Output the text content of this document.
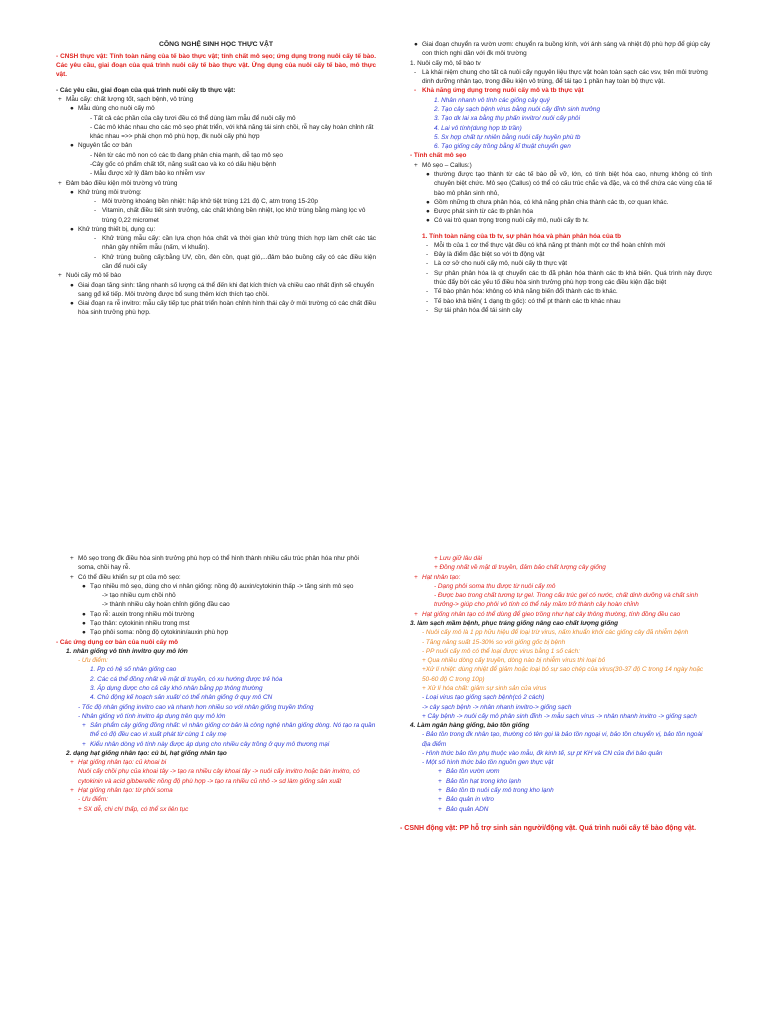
CÔNG NGHỆ SINH HỌC THỰC VẬT
- CNSH thực vật: Tính toàn năng của tế bào thực vật; tính chất mô sẹo; ứng dụng trong nuôi cấy tế bào. Các yêu cầu, giai đoạn của quá trình nuôi cấy tế bào thực vật. Ứng dụng của nuôi cấy tế bào, mô thực vật.
- Các yêu cầu, giai đoạn của quá trình nuôi cấy tb thực vật:
+ Mẫu cấy: chất lượng tốt, sạch bệnh, vô trùng
● Mẫu dùng cho nuôi cấy mô
- Tất cả các phần của cây tươi đều có thể dùng làm mẫu để nuôi cấy mô
- Các mô khác nhau cho các mô sẹo phát triển, với khả năng tái sinh chồi, rễ hay cây hoàn chỉnh rất khác nhau =>> phải chọn mô phù hợp, đk nuôi cấy phù hợp
● Nguyên tắc cơ bản
- Nên từ các mô non có các tb đang phân chia mạnh, dễ tạo mô sẹo
-Cây gốc có phẩm chất tốt, năng suất cao và ko có dấu hiệu bệnh
- Mẫu được xử lý đảm bảo ko nhiễm vsv
+ Đảm bảo điều kiện môi trường vô trùng
● Khử trùng môi trường:
- Môi trường khoáng bền nhiệt: hấp khử tiệt trùng 121 độ C, atm trong 15-20p
- Vitamin, chất điều tiết sinh trưởng, các chất không bền nhiệt, lọc khử trùng bằng màng lọc vô trùng 0,22 micromet
● Khử trùng thiết bị, dụng cụ:
- Khử trùng mẫu cấy: cần lựa chọn hóa chất và thời gian khử trùng thích hợp làm chết các tác nhân gây nhiễm mẫu (nấm, vi khuẩn).
- Khử trùng buồng cấy:bằng UV, cồn, đèn cồn, quạt gió,...đảm bảo buồng cấy có các điều kiện cần để nuôi cấy
+ Nuôi cấy mô tế bào
● Giai đoạn tăng sinh: tăng nhanh số lượng cá thể đến khi đạt kích thích và chiều cao nhất định sẽ chuyển sang gđ kế tiếp. Môi trường được bổ sung thêm kích thích tạo chồi.
● Giai đoạn ra rễ invitro: mẫu cấy tiếp tục phát triển hoàn chỉnh hình thái cây ở môi trường có các chất điều hòa sinh trưởng phù hợp.
● Giai đoạn chuyển ra vườn ươm: chuyển ra buồng kính, với ánh sáng và nhiệt độ phù hợp để giúp cây con thích nghi dần với đk môi trường
1. Nuôi cấy mô, tế bào tv
- Là khái niệm chung cho tất cả nuôi cấy nguyên liệu thực vật hoàn toàn sạch các vsv, trên môi trường dinh dưỡng nhân tạo, trong điều kiện vô trùng, để tái tạo 1 phần hay toàn bộ thực vật.
- Khả năng ứng dụng trong nuôi cấy mô và tb thực vật
1. Nhân nhanh vô tính các giống cây quý
2. Tạo cây sạch bệnh virus bằng nuôi cấy đỉnh sinh trưởng
3. Tạo dk lai xa bằng thụ phấn invitro/ nuôi cấy phôi
4. Lai vô tính(dung hợp tb trần)
5. Sx hợp chất tự nhiên bằng nuôi cấy huyền phù tb
6. Tạo giống cây trồng bằng kĩ thuật chuyển gen
- Tính chất mô sẹo
+ Mô sẹo – Callus:)
● thường được tạo thành từ các tế bào dễ vỡ, lớn, có tính biệt hóa cao, nhưng không có tính chuyên biệt chức. Mô sẹo (Callus) có thể có cấu trúc chắc và đặc, và có thể chứa các vùng của tế bào mô phân sinh nhỏ,
● Gồm những tb chưa phân hóa, có khả năng phân chia thành các tb, cơ quan khác.
● Được phát sinh từ các tb phân hóa
● Có vai trò quan trọng trong nuôi cấy mô, nuôi cấy tb tv.
1. Tính toàn năng của tb tv, sự phân hóa và phản phân hóa của tb
- Mỗi tb của 1 cơ thể thực vật đều có khả năng pt thành một cơ thể hoàn chỉnh mới
- Đây là điểm đặc biệt so với tb động vật
- Là cơ sở cho nuôi cấy mô, nuôi cấy tb thực vật
- Sự phân phân hóa là qt chuyển các tb đã phân hóa thành các tb khả biến. Quá trình này được thúc đẩy bởi các yếu tố điều hòa sinh trưởng phù hợp trong các điều kiện đặc biệt
- Tế bào phân hóa: không có khả năng biến đổi thành các tb khác.
- Tế bào khả biến( 1 dạng tb gốc): có thể pt thành các tb khác nhau
- Sự tái phân hóa để tái sinh cây
+ Mô sẹo trong đk điều hòa sinh trưởng phù hợp có thể hình thành nhiều cấu trúc phân hóa như phôi soma, chồi hay rễ.
+ Có thể điều khiển sự pt của mô sẹo:
● Tạo nhiều mô sẹo, dùng cho vi nhân giống: nồng độ auxin/cytokinin thấp -> tăng sinh mô sẹo
-> tạo nhiều cụm chồi nhỏ
-> thành nhiều cây hoàn chỉnh giống đầu cao
● Tạo rễ: auxin trong nhiều môi trường
● Tạo thân: cytokinin nhiều trong mst
● Tạo phôi soma: nồng độ cytokinin/auxin phù hợp
- Các ứng dụng cơ bản của nuôi cấy mô
1. nhân giống vô tính invitro quy mô lớn
- Ưu điểm:
1. Pp có hệ số nhân giống cao
2. Các cá thể đồng nhất về mặt di truyền, có xu hướng được trẻ hóa
3. Áp dụng được cho cả cây khó nhân bằng pp thông thường
4. Chủ động kế hoạch sản xuất/ có thể nhân giống ở quy mô CN
- Tốc độ nhân giống invitro cao và nhanh hơn nhiều so với nhân giống truyền thống
- Nhân giống vô tính invitro áp dụng trên quy mô lớn
+ Sản phẩm cây giống đồng nhất: vì nhân giống cơ bản là công nghệ nhân giống dòng. Nó tạo ra quần thể có độ đều cao vì xuất phát từ cùng 1 cây mẹ
+ Kiểu nhân dòng vô tính này được áp dụng cho nhiều cây trồng ở quy mô thương mại
2. dạng hạt giống nhân tạo: củ bi, hạt giống nhân tạo
+ Hạt giống nhân tạo: củ khoai bi
Nuôi cấy chồi phụ của khoai tây -> tạo ra nhiều cây khoai tây -> nuôi cấy invitro hoặc bán invitro, có cytokinin và acid gibberellic nồng độ phù hợp -> tạo ra nhiều củ nhỏ -> sd làm giống sản xuất
+ Hạt giống nhân tạo: từ phôi soma
- Ưu điểm:
+ SX dễ, chi chí thấp, có thể sx liên tục
+ Lưu giữ lâu dài
+ Đồng nhất về mặt di truyền, đảm bảo chất lượng cây giống
+ Hạt nhân tạo:
- Dạng phôi soma thu được từ nuôi cấy mô
- Được bao trong chất tương tự gel. Trong cấu trúc gel có nước, chất dinh dưỡng và chất sinh trưởng-> giúp cho phôi vô tính có thể nảy mầm trở thành cây hoàn chỉnh
+ Hạt giống nhân tạo có thể dùng để gieo trồng như hạt cây thông thường, tính đồng đều cao
3. làm sạch mầm bệnh, phục tráng giống nâng cao chất lượng giống
- Nuôi cấy mô là 1 pp hữu hiệu để loại trừ virus, nấm khuẩn khỏi các giống cây đã nhiễm bệnh
- Tăng năng suất 15-30% so với giống gốc bị bệnh
- PP nuôi cấy mô có thể loại được virus bằng 1 số cách:
+ Qua nhiều dòng cấy truyền, dòng nào bị nhiễm virus thì loại bỏ
+Xử lí nhiệt: dùng nhiệt để giảm hoặc loại bỏ sự sao chép của virus(30-37 độ C trong 14 ngày hoặc 50-60 độ C trong 10p)
+ Xử lí hóa chất: giảm sự sinh sản của virus
- Loại virus tạo giống sạch bệnh(có 2 cách)
-> cây sạch bệnh -> nhân nhanh invitro-> giống sạch
+ Cây bệnh -> nuôi cấy mô phân sinh đỉnh -> mẫu sạch virus -> nhân nhanh invitro -> giống sạch
4. Làm ngân hàng giống, bảo tồn giống
- Bảo tồn trong đk nhân tạo, thường có tên gọi là bảo tồn ngoại vi, bảo tồn chuyển vị, bảo tồn ngoài địa điểm
- Hình thức bảo tồn phụ thuộc vào mẫu, đk kinh tế, sự pt KH và CN của đvi bảo quản
- Một số hình thức bảo tồn nguồn gen thực vật
+ Bảo tồn vườn ươm
+ Bảo tồn hạt trong kho lạnh
+ Bảo tồn tb nuôi cấy mô trong kho lạnh
+ Bảo quản in vitro
+ Bảo quản ADN
- CSNH động vật: PP hỗ trợ sinh sản người/động vật. Quá trình nuôi cấy tế bào động vật.
